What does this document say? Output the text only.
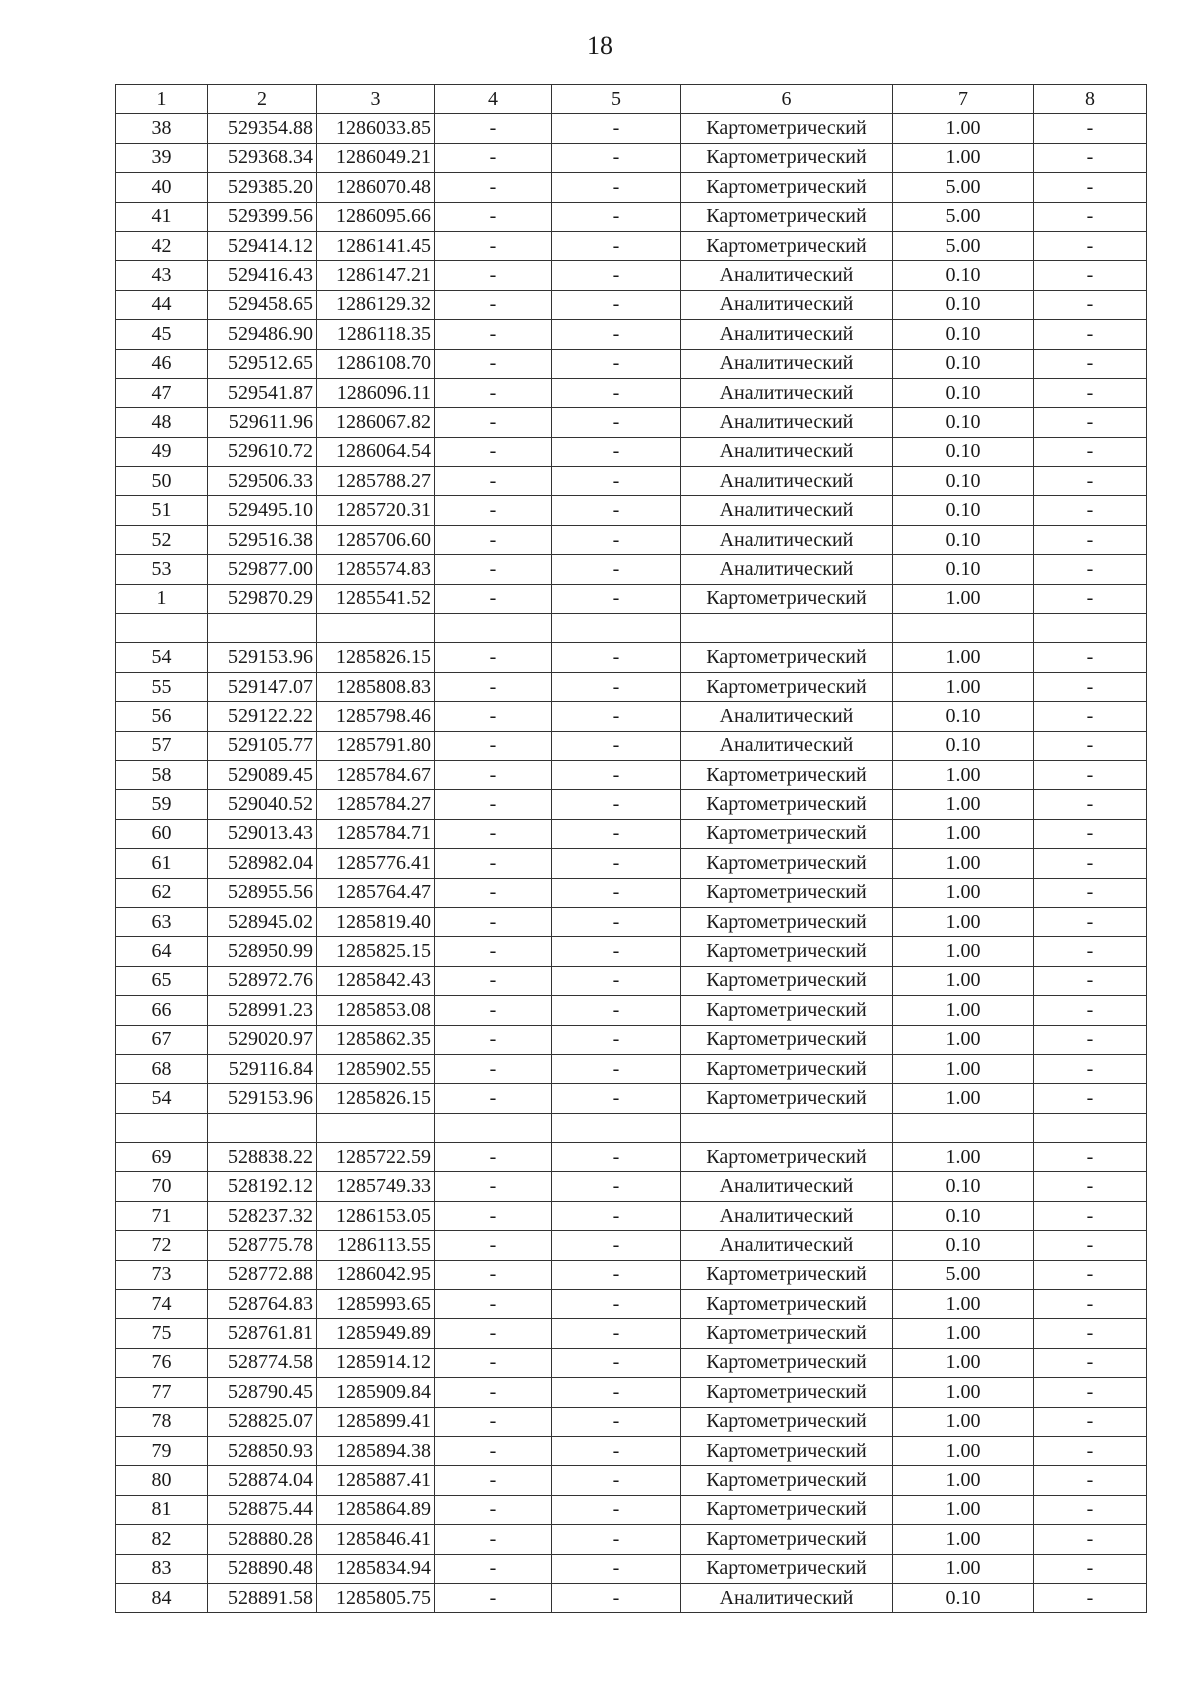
18
1	2	3	4	5	6	7	8
38	529354.88	1286033.85	-	-	Картометрический	1.00	-
39	529368.34	1286049.21	-	-	Картометрический	1.00	-
40	529385.20	1286070.48	-	-	Картометрический	5.00	-
41	529399.56	1286095.66	-	-	Картометрический	5.00	-
42	529414.12	1286141.45	-	-	Картометрический	5.00	-
43	529416.43	1286147.21	-	-	Аналитический	0.10	-
44	529458.65	1286129.32	-	-	Аналитический	0.10	-
45	529486.90	1286118.35	-	-	Аналитический	0.10	-
46	529512.65	1286108.70	-	-	Аналитический	0.10	-
47	529541.87	1286096.11	-	-	Аналитический	0.10	-
48	529611.96	1286067.82	-	-	Аналитический	0.10	-
49	529610.72	1286064.54	-	-	Аналитический	0.10	-
50	529506.33	1285788.27	-	-	Аналитический	0.10	-
51	529495.10	1285720.31	-	-	Аналитический	0.10	-
52	529516.38	1285706.60	-	-	Аналитический	0.10	-
53	529877.00	1285574.83	-	-	Аналитический	0.10	-
1	529870.29	1285541.52	-	-	Картометрический	1.00	-

54	529153.96	1285826.15	-	-	Картометрический	1.00	-
55	529147.07	1285808.83	-	-	Картометрический	1.00	-
56	529122.22	1285798.46	-	-	Аналитический	0.10	-
57	529105.77	1285791.80	-	-	Аналитический	0.10	-
58	529089.45	1285784.67	-	-	Картометрический	1.00	-
59	529040.52	1285784.27	-	-	Картометрический	1.00	-
60	529013.43	1285784.71	-	-	Картометрический	1.00	-
61	528982.04	1285776.41	-	-	Картометрический	1.00	-
62	528955.56	1285764.47	-	-	Картометрический	1.00	-
63	528945.02	1285819.40	-	-	Картометрический	1.00	-
64	528950.99	1285825.15	-	-	Картометрический	1.00	-
65	528972.76	1285842.43	-	-	Картометрический	1.00	-
66	528991.23	1285853.08	-	-	Картометрический	1.00	-
67	529020.97	1285862.35	-	-	Картометрический	1.00	-
68	529116.84	1285902.55	-	-	Картометрический	1.00	-
54	529153.96	1285826.15	-	-	Картометрический	1.00	-

69	528838.22	1285722.59	-	-	Картометрический	1.00	-
70	528192.12	1285749.33	-	-	Аналитический	0.10	-
71	528237.32	1286153.05	-	-	Аналитический	0.10	-
72	528775.78	1286113.55	-	-	Аналитический	0.10	-
73	528772.88	1286042.95	-	-	Картометрический	5.00	-
74	528764.83	1285993.65	-	-	Картометрический	1.00	-
75	528761.81	1285949.89	-	-	Картометрический	1.00	-
76	528774.58	1285914.12	-	-	Картометрический	1.00	-
77	528790.45	1285909.84	-	-	Картометрический	1.00	-
78	528825.07	1285899.41	-	-	Картометрический	1.00	-
79	528850.93	1285894.38	-	-	Картометрический	1.00	-
80	528874.04	1285887.41	-	-	Картометрический	1.00	-
81	528875.44	1285864.89	-	-	Картометрический	1.00	-
82	528880.28	1285846.41	-	-	Картометрический	1.00	-
83	528890.48	1285834.94	-	-	Картометрический	1.00	-
84	528891.58	1285805.75	-	-	Аналитический	0.10	-
